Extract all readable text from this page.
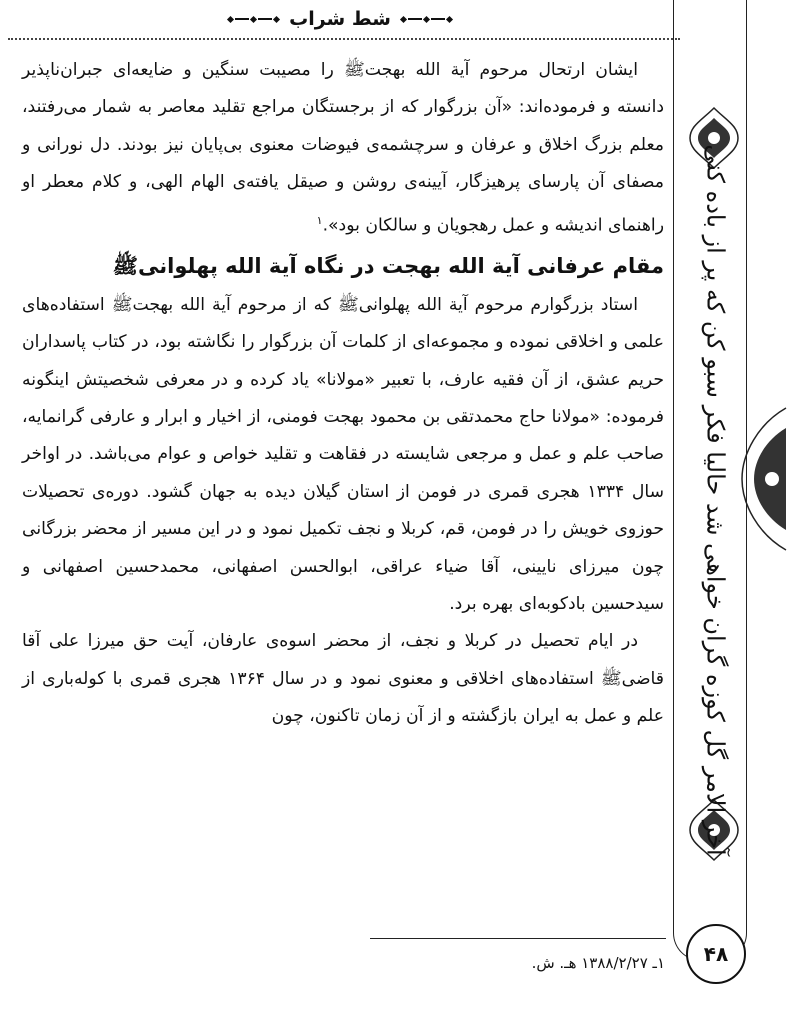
شط شراب

ایشان ارتحال مرحوم آیة الله بهجتﷺ را مصیبت سنگین و ضایعه‌ای جبران‌ناپذیر دانسته و فرموده‌اند: «آن بزرگوار که از برجستگان مراجع تقلید معاصر به شمار می‌رفتند، معلم بزرگ اخلاق و عرفان و سرچشمه‌ی فیوضات معنوی بی‌پایان نیز بودند. دل نورانی و مصفای آن پارسای پرهیزگار، آیینه‌ی روشن و صیقل یافته‌ی الهام الهی، و کلام معطر او راهنمای اندیشه و عمل رهجویان و سالکان بود».$^۱$

مقام عرفانی آیة الله بهجت در نگاه آیة الله پهلوانیﷺ

استاد بزرگوارم مرحوم آیة الله پهلوانیﷺ که از مرحوم آیة الله بهجتﷺ استفاده‌های علمی و اخلاقی نموده و مجموعه‌ای از کلمات آن بزرگوار را نگاشته بود، در کتاب پاسداران حریم عشق، از آن فقیه عارف، با تعبیر «مولانا» یاد کرده و در معرفی شخصیتش اینگونه فرموده: «مولانا حاج محمدتقی بن محمود بهجت فومنی، از اخیار و ابرار و عارفی گرانمایه، صاحب علم و عمل و مرجعی شایسته در فقاهت و تقلید خواص و عوام می‌باشد. در اواخر سال ۱۳۳۴ هجری قمری در فومن از استان گیلان دیده به جهان گشود. دوره‌ی تحصیلات حوزوی خویش را در فومن، قم، کربلا و نجف تکمیل نمود و در این مسیر از محضر بزرگانی چون میرزای نایینی، آقا ضیاء عراقی، ابوالحسن اصفهانی، محمدحسین اصفهانی و سیدحسین بادکوبه‌ای بهره برد.

در ایام تحصیل در کربلا و نجف، از محضر اسوه‌ی عارفان، آیت حق میرزا علی آقا قاضیﷺ استفاده‌های اخلاقی و معنوی نمود و در سال ۱۳۶۴ هجری قمری با کوله‌باری از علم و عمل به ایران بازگشته و از آن زمان تاکنون، چون آخر الامر گل کوزه گران خواهی شد حالیا فکر سبو کن که پر از باده کنی
۴۸
۱ـ ۱۳۸۸/۲/۲۷ هـ. ش.
